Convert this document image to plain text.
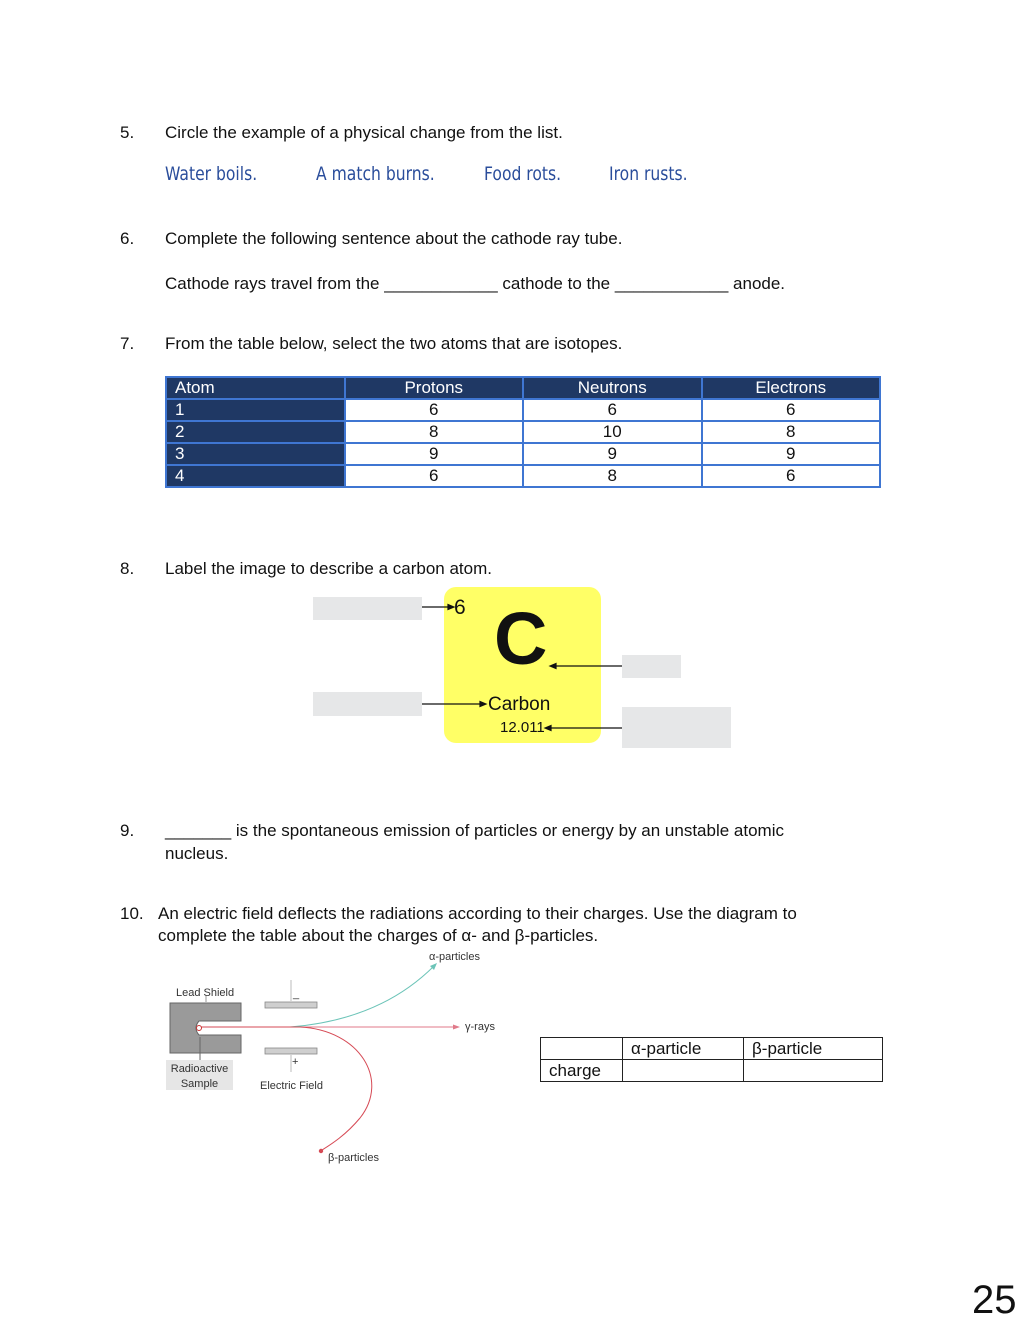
5. Circle the example of a physical change from the list.
Water boils.	A match burns.	Food rots.	Iron rusts.
6. Complete the following sentence about the cathode ray tube.
Cathode rays travel from the ____________ cathode to the ____________ anode.
7. From the table below, select the two atoms that are isotopes.
Atom	Protons	Neutrons	Electrons
1	6	6	6
2	8	10	8
3	9	9	9
4	6	8	6
8. Label the image to describe a carbon atom.
6 C
Carbon
12.011
9. _______ is the spontaneous emission of particles or energy by an unstable atomic
nucleus.
10. An electric field deflects the radiations according to their charges. Use the diagram to
complete the table about the charges of α- and β-particles.
α-particles
γ-rays
β-particles
Lead Shield
Radioactive
Sample	Electric Field
_
+
	α-particle	β-particle
charge		
25
